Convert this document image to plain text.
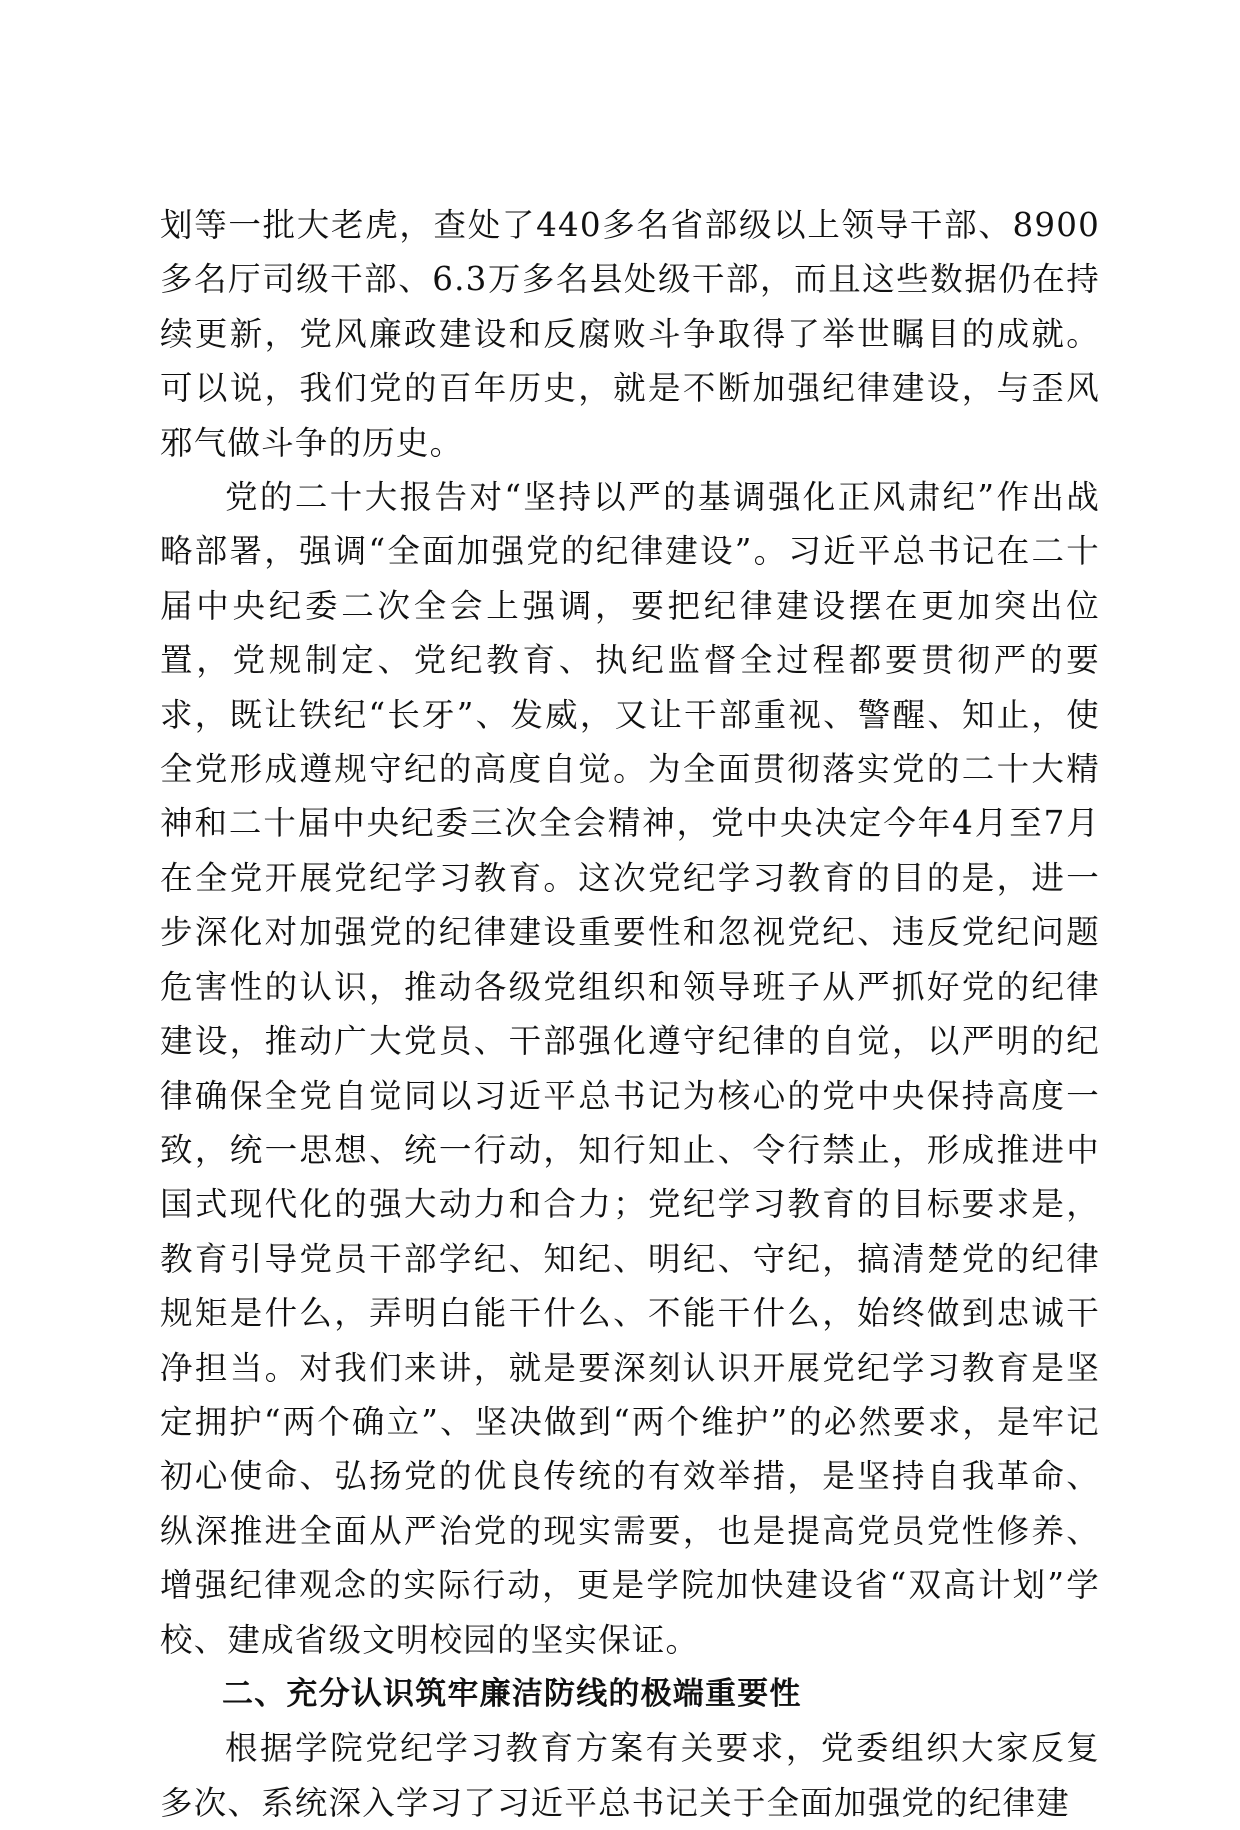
划等一批大老虎，查处了440多名省部级以上领导干部、8900多名厅司级干部、6.3万多名县处级干部，而且这些数据仍在持续更新，党风廉政建设和反腐败斗争取得了举世瞩目的成就。可以说，我们党的百年历史，就是不断加强纪律建设，与歪风邪气做斗争的历史。

党的二十大报告对“坚持以严的基调强化正风肃纪”作出战略部署，强调“全面加强党的纪律建设”。习近平总书记在二十届中央纪委二次全会上强调，要把纪律建设摆在更加突出位置，党规制定、党纪教育、执纪监督全过程都要贯彻严的要求，既让铁纪“长牙”、发威，又让干部重视、警醒、知止，使全党形成遵规守纪的高度自觉。为全面贯彻落实党的二十大精神和二十届中央纪委三次全会精神，党中央决定今年4月至7月在全党开展党纪学习教育。这次党纪学习教育的目的是，进一步深化对加强党的纪律建设重要性和忽视党纪、违反党纪问题危害性的认识，推动各级党组织和领导班子从严抓好党的纪律建设，推动广大党员、干部强化遵守纪律的自觉，以严明的纪律确保全党自觉同以习近平总书记为核心的党中央保持高度一致，统一思想、统一行动，知行知止、令行禁止，形成推进中国式现代化的强大动力和合力；党纪学习教育的目标要求是，教育引导党员干部学纪、知纪、明纪、守纪，搞清楚党的纪律规矩是什么，弄明白能干什么、不能干什么，始终做到忠诚干净担当。对我们来讲，就是要深刻认识开展党纪学习教育是坚定拥护“两个确立”、坚决做到“两个维护”的必然要求，是牢记初心使命、弘扬党的优良传统的有效举措，是坚持自我革命、纵深推进全面从严治党的现实需要，也是提高党员党性修养、增强纪律观念的实际行动，更是学院加快建设省“双高计划”学校、建成省级文明校园的坚实保证。

二、充分认识筑牢廉洁防线的极端重要性

根据学院党纪学习教育方案有关要求，党委组织大家反复多次、系统深入学习了习近平总书记关于全面加强党的纪律建
